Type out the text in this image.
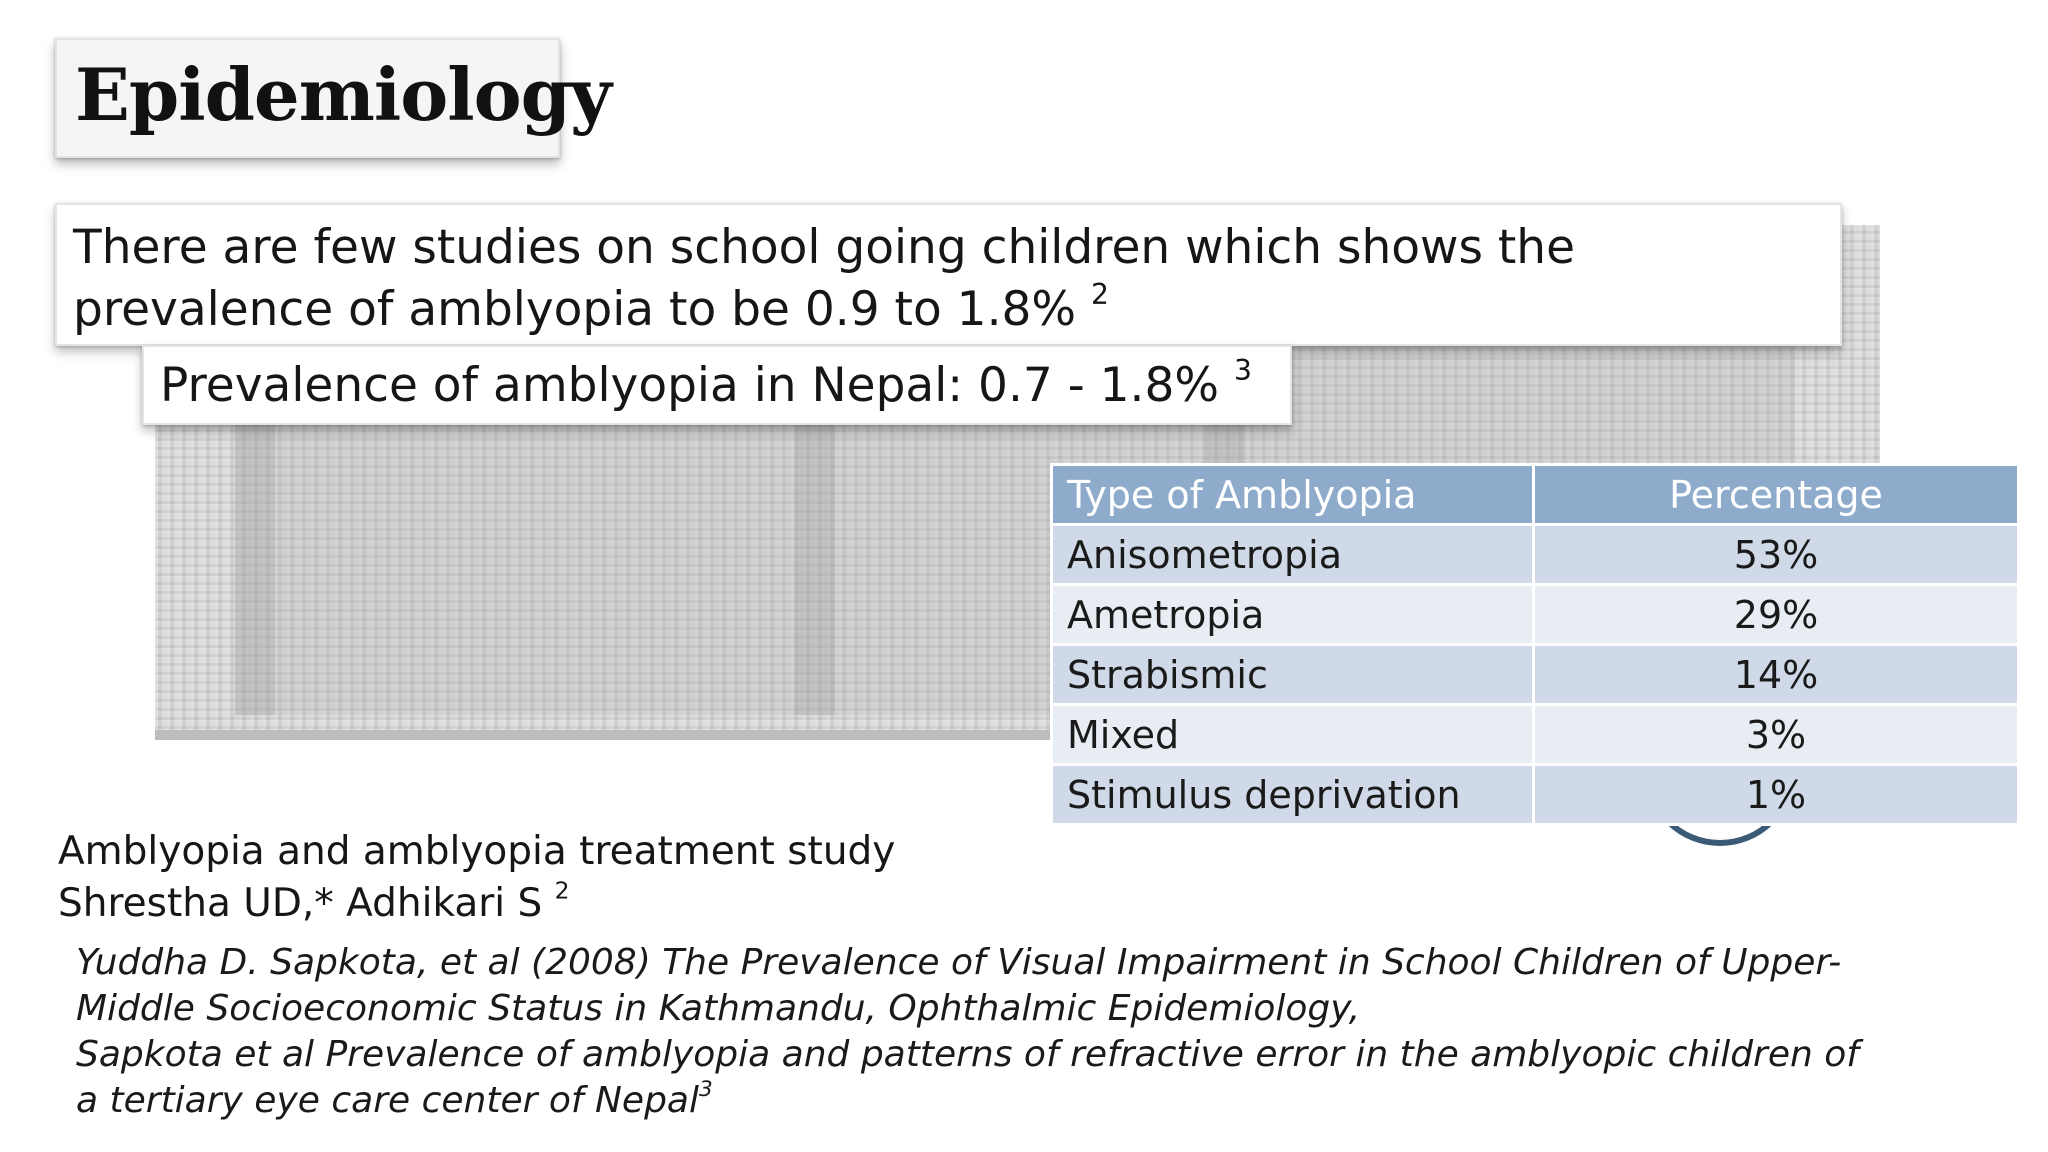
Epidemiology
There are few studies on school going children which shows the prevalence of amblyopia to be 0.9 to 1.8% $^2$
Prevalence of amblyopia in Nepal: 0.7 - 1.8% $^3$
Type of Amblyopia	Percentage
Anisometropia	53%
Ametropia	29%
Strabismic	14%
Mixed	3%
Stimulus deprivation	1%
Amblyopia and amblyopia treatment study
Shrestha UD,* Adhikari S $^2$
Yuddha D. Sapkota, et al (2008) The Prevalence of Visual Impairment in School Children of Upper-
Middle Socioeconomic Status in Kathmandu, Ophthalmic Epidemiology,
Sapkota et al Prevalence of amblyopia and patterns of refractive error in the amblyopic children of
a tertiary eye care center of Nepal$^3$
